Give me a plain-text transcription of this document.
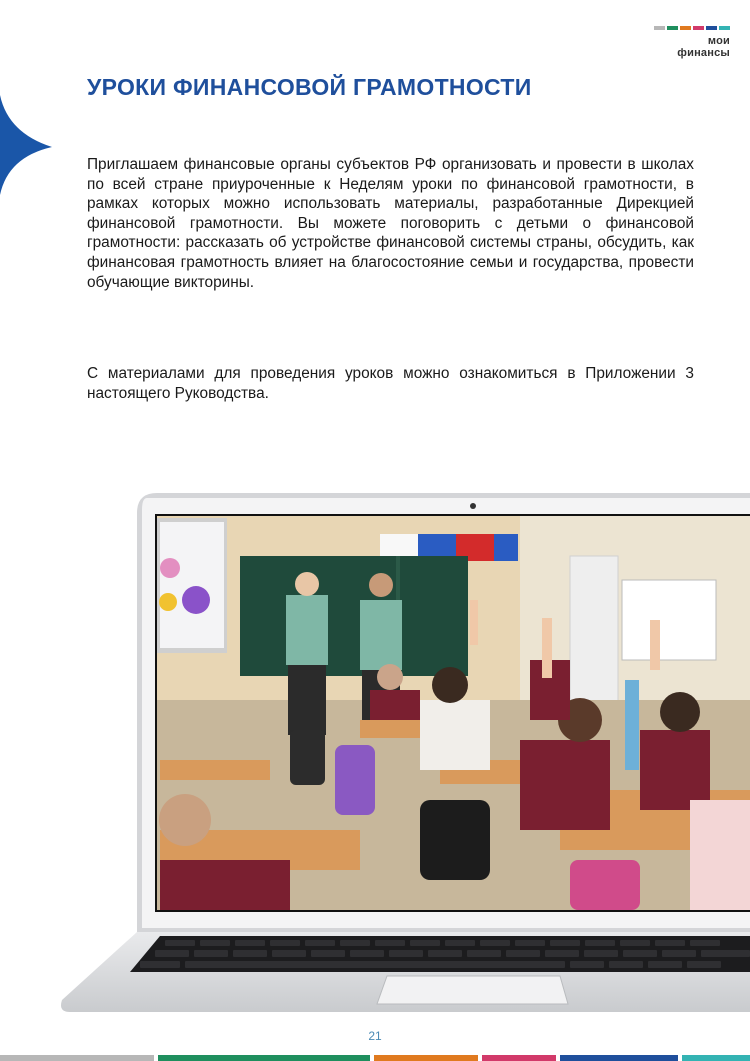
мои финансы
УРОКИ ФИНАНСОВОЙ ГРАМОТНОСТИ

Приглашаем финансовые органы субъектов РФ организовать и провести в школах по всей стране приуроченные к Неделям уроки по финансовой грамотности, в рамках которых можно использовать материалы, разработанные Дирекцией финансовой грамотности. Вы можете поговорить с детьми о финансовой грамотности: рассказать об устройстве финансовой системы страны, обсудить, как финансовая грамотность влияет на благосостояние семьи и государства, провести обучающие викторины.

С материалами для проведения уроков можно ознакомиться в Приложении 3 настоящего Руководства.

21
